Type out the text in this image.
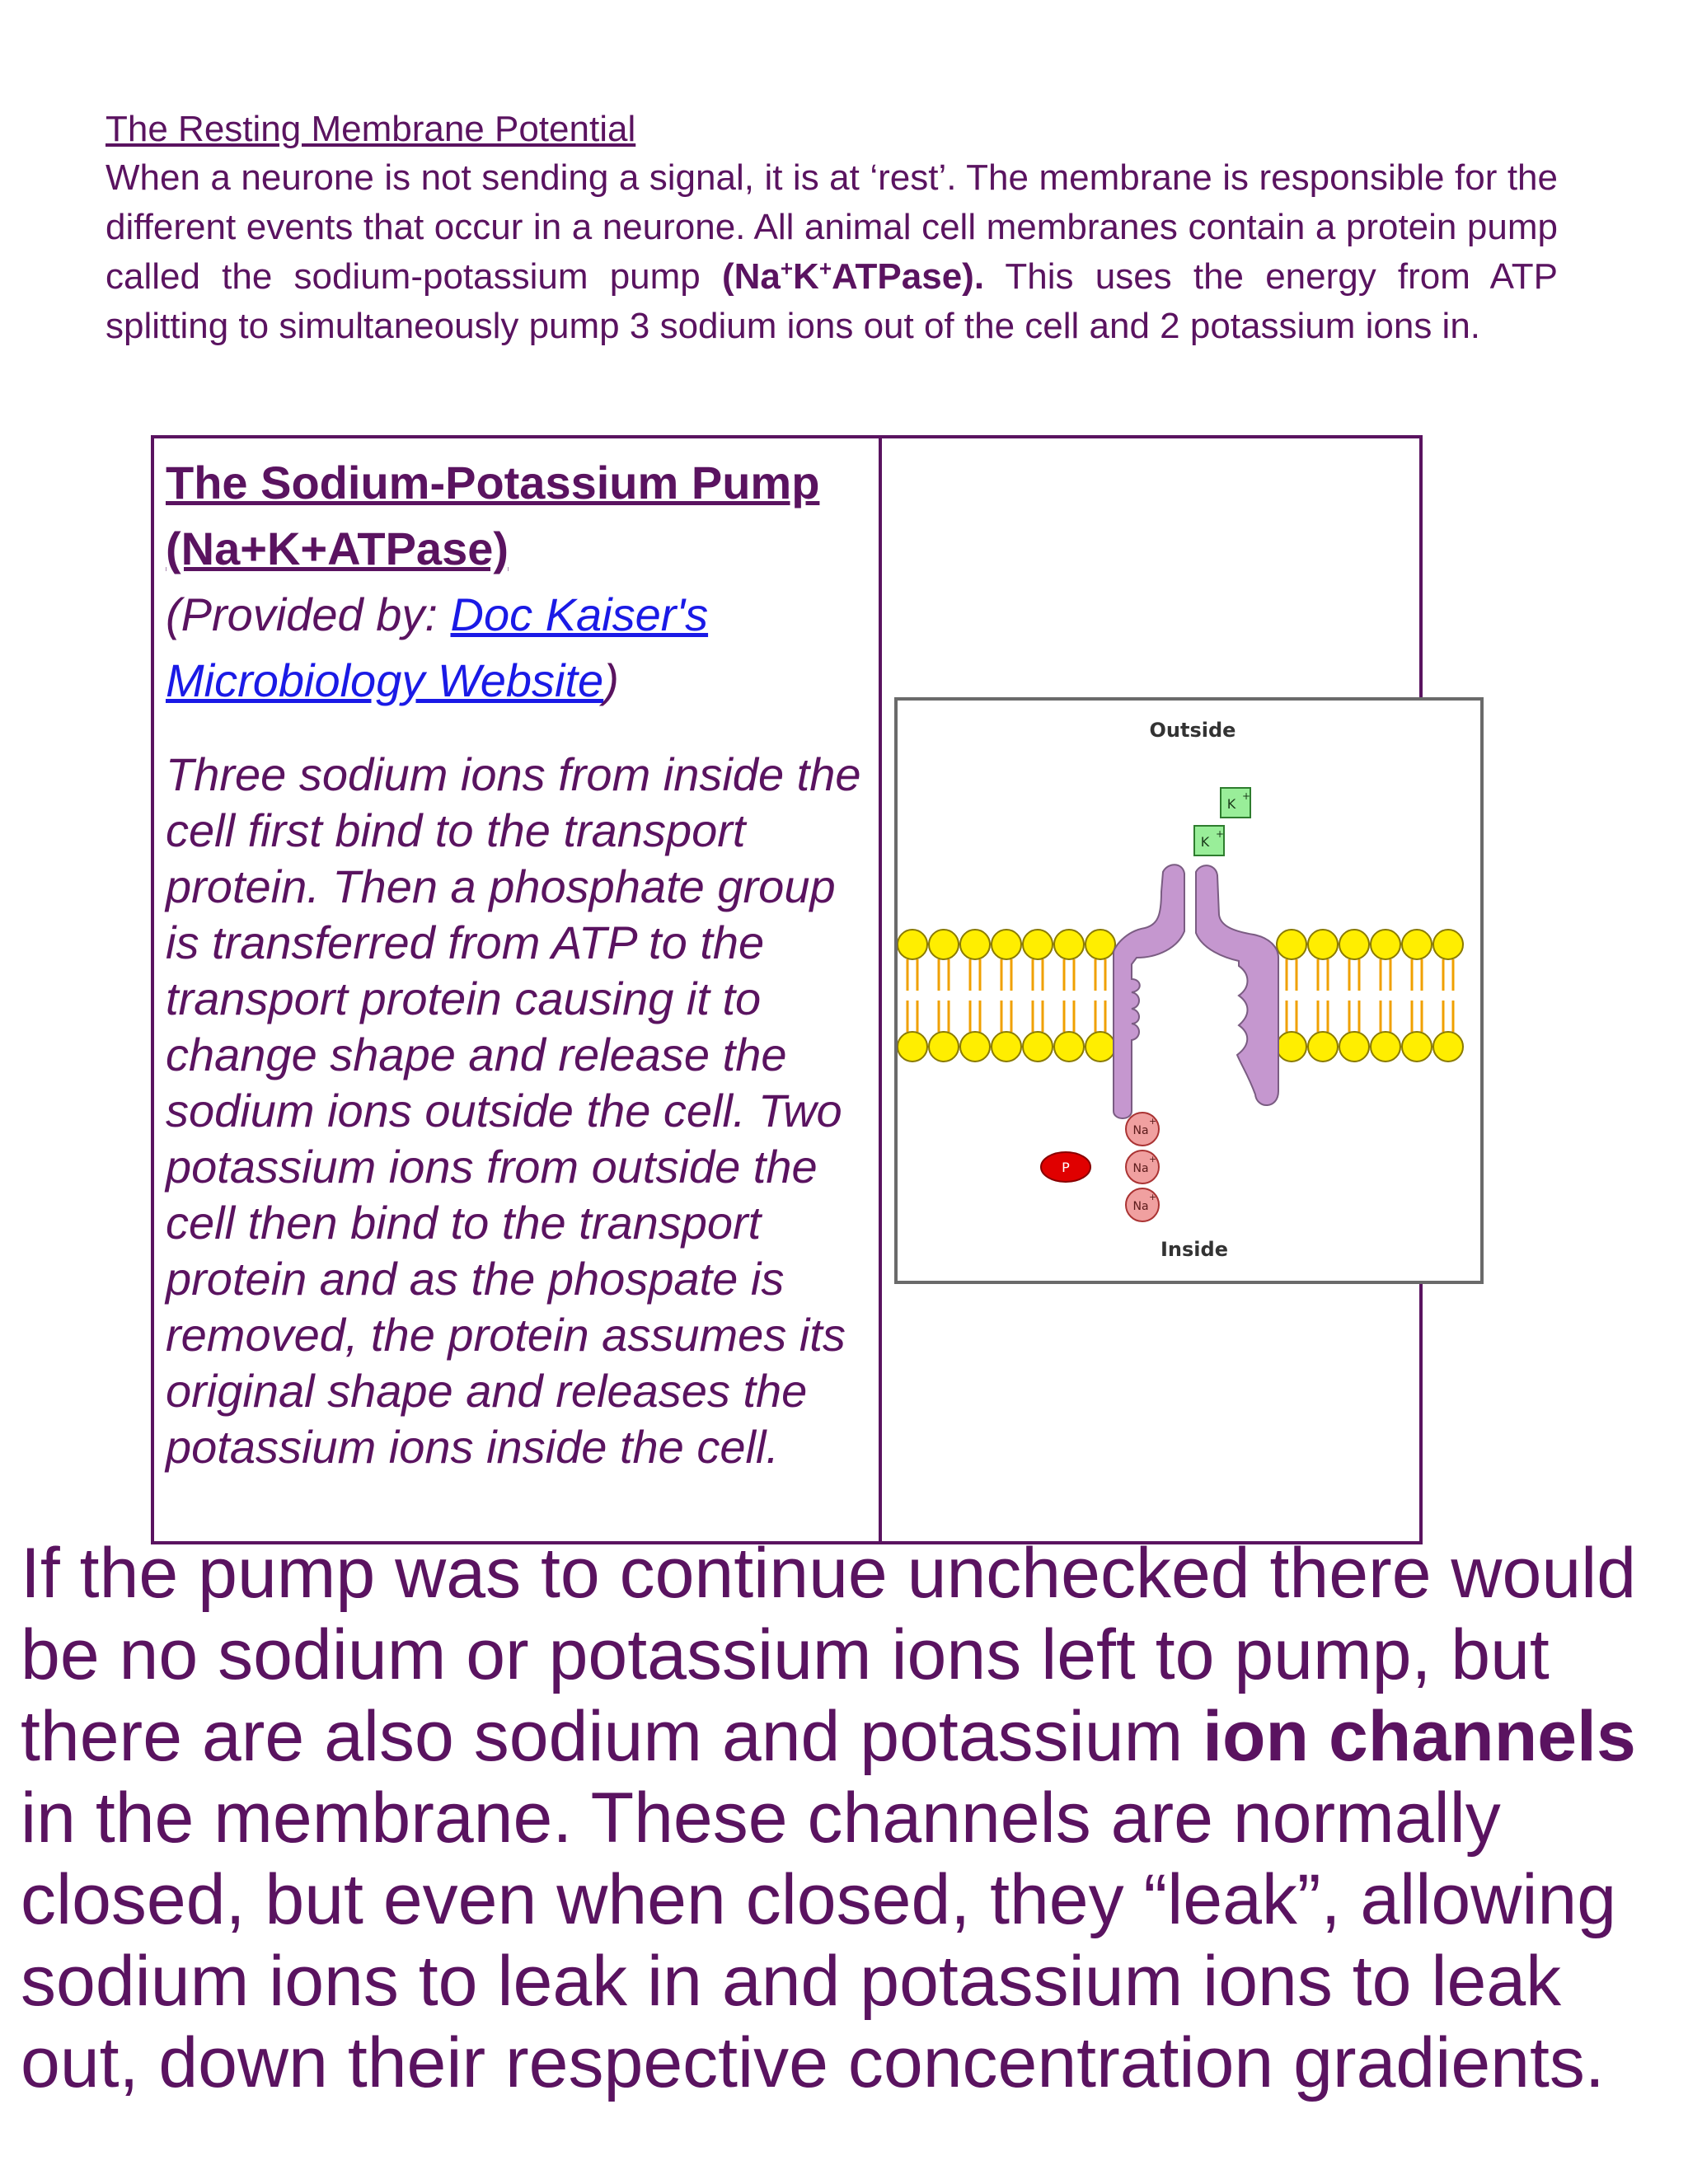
The Resting Membrane Potential

When a neurone is not sending a signal, it is at ‘rest’. The membrane is responsible for the different events that occur in a neurone. All animal cell membranes contain a protein pump called the sodium-potassium pump (Na+K+ATPase). This uses the energy from ATP splitting to simultaneously pump 3 sodium ions out of the cell and 2 potassium ions in.

The Sodium-Potassium Pump (Na+K+ATPase)
(Provided by: Doc Kaiser's Microbiology Website)
Three sodium ions from inside the cell first bind to the transport protein. Then a phosphate group is transferred from ATP to the transport protein causing it to change shape and release the sodium ions outside the cell. Two potassium ions from outside the cell then bind to the transport protein and as the phospate is removed, the protein assumes its original shape and releases the potassium ions inside the cell.
Outside
Inside
K +
K +
Na
+
Na
+
Na
+
P

If the pump was to continue unchecked there would be no sodium or potassium ions left to pump, but there are also sodium and potassium ion channels in the membrane. These channels are normally closed, but even when closed, they “leak”, allowing sodium ions to leak in and potassium ions to leak out, down their respective concentration gradients.
